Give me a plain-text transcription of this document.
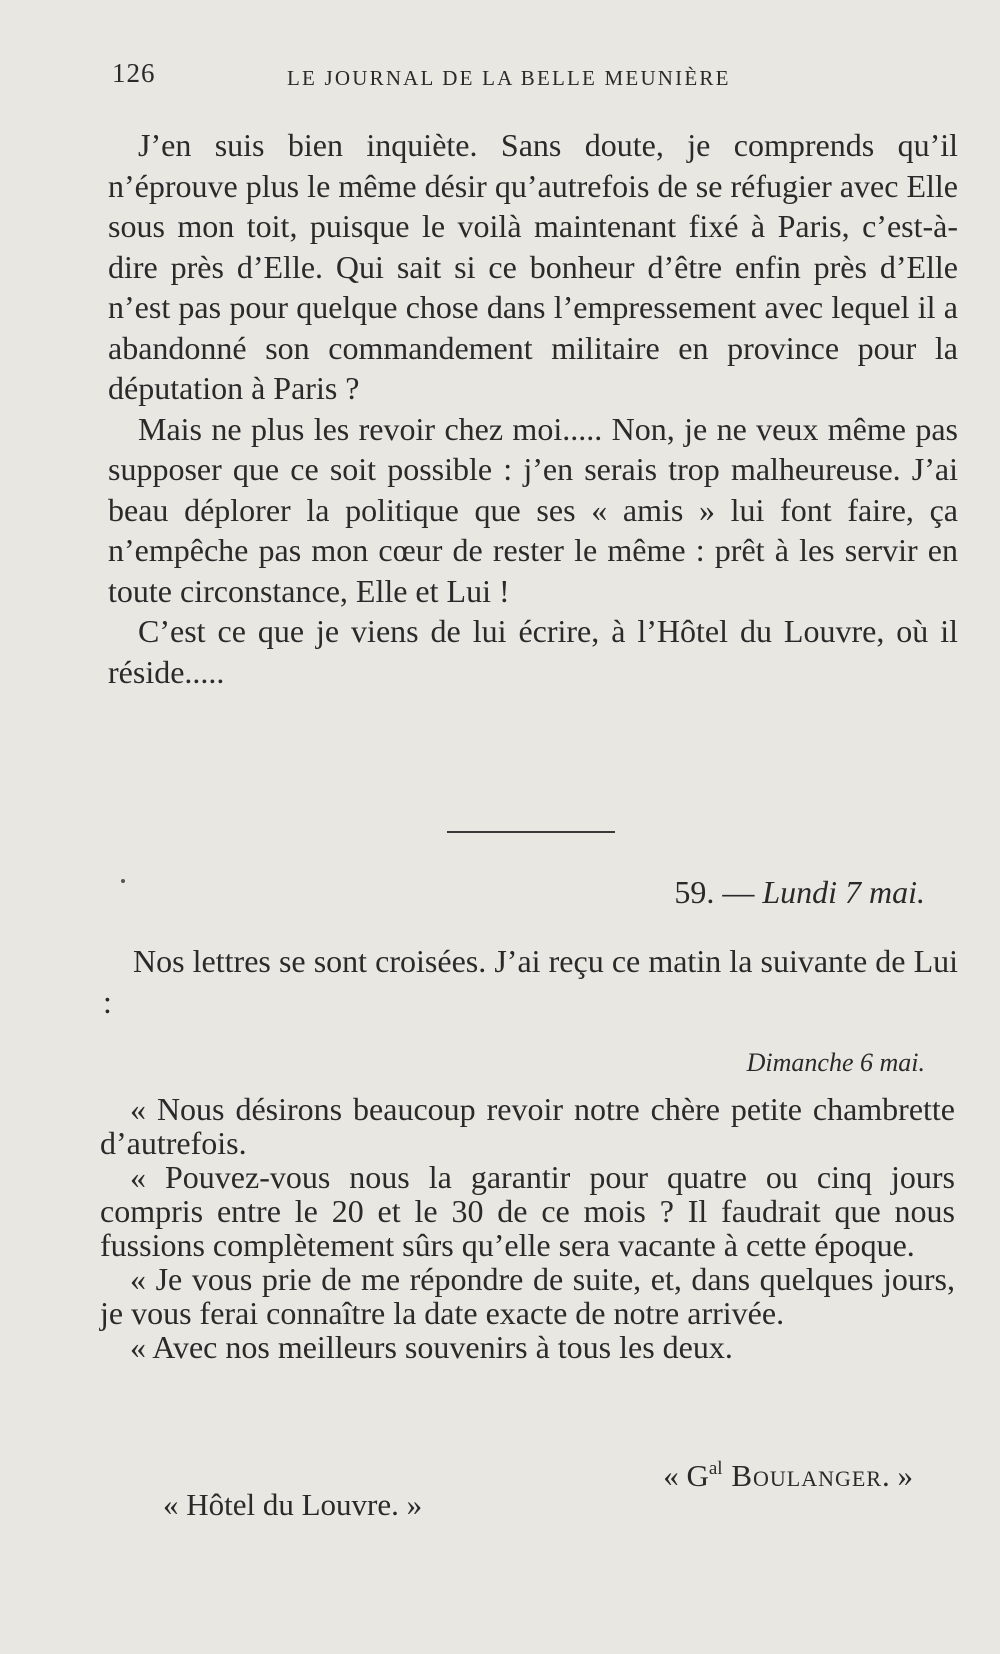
126	LE JOURNAL DE LA BELLE MEUNIÈRE

J’en suis bien inquiète. Sans doute, je comprends qu’il n’éprouve plus le même désir qu’autrefois de se réfugier avec Elle sous mon toit, puisque le voilà maintenant fixé à Paris, c’est-à-dire près d’Elle. Qui sait si ce bonheur d’être enfin près d’Elle n’est pas pour quelque chose dans l’empressement avec lequel il a abandonné son commandement militaire en province pour la députation à Paris ?

Mais ne plus les revoir chez moi..... Non, je ne veux même pas supposer que ce soit possible : j’en serais trop malheureuse. J’ai beau déplorer la politique que ses « amis » lui font faire, ça n’empêche pas mon cœur de rester le même : prêt à les servir en toute circonstance, Elle et Lui !

C’est ce que je viens de lui écrire, à l’Hôtel du Louvre, où il réside.....

59. — Lundi 7 mai.

Nos lettres se sont croisées. J’ai reçu ce matin la suivante de Lui :

Dimanche 6 mai.

« Nous désirons beaucoup revoir notre chère petite chambrette d’autrefois.

« Pouvez-vous nous la garantir pour quatre ou cinq jours compris entre le 20 et le 30 de ce mois ? Il faudrait que nous fussions complètement sûrs qu’elle sera vacante à cette époque.

« Je vous prie de me répondre de suite, et, dans quelques jours, je vous ferai connaître la date exacte de notre arrivée.

« Avec nos meilleurs souvenirs à tous les deux.

« $G^{al}$ Boulanger. »
« Hôtel du Louvre. »
